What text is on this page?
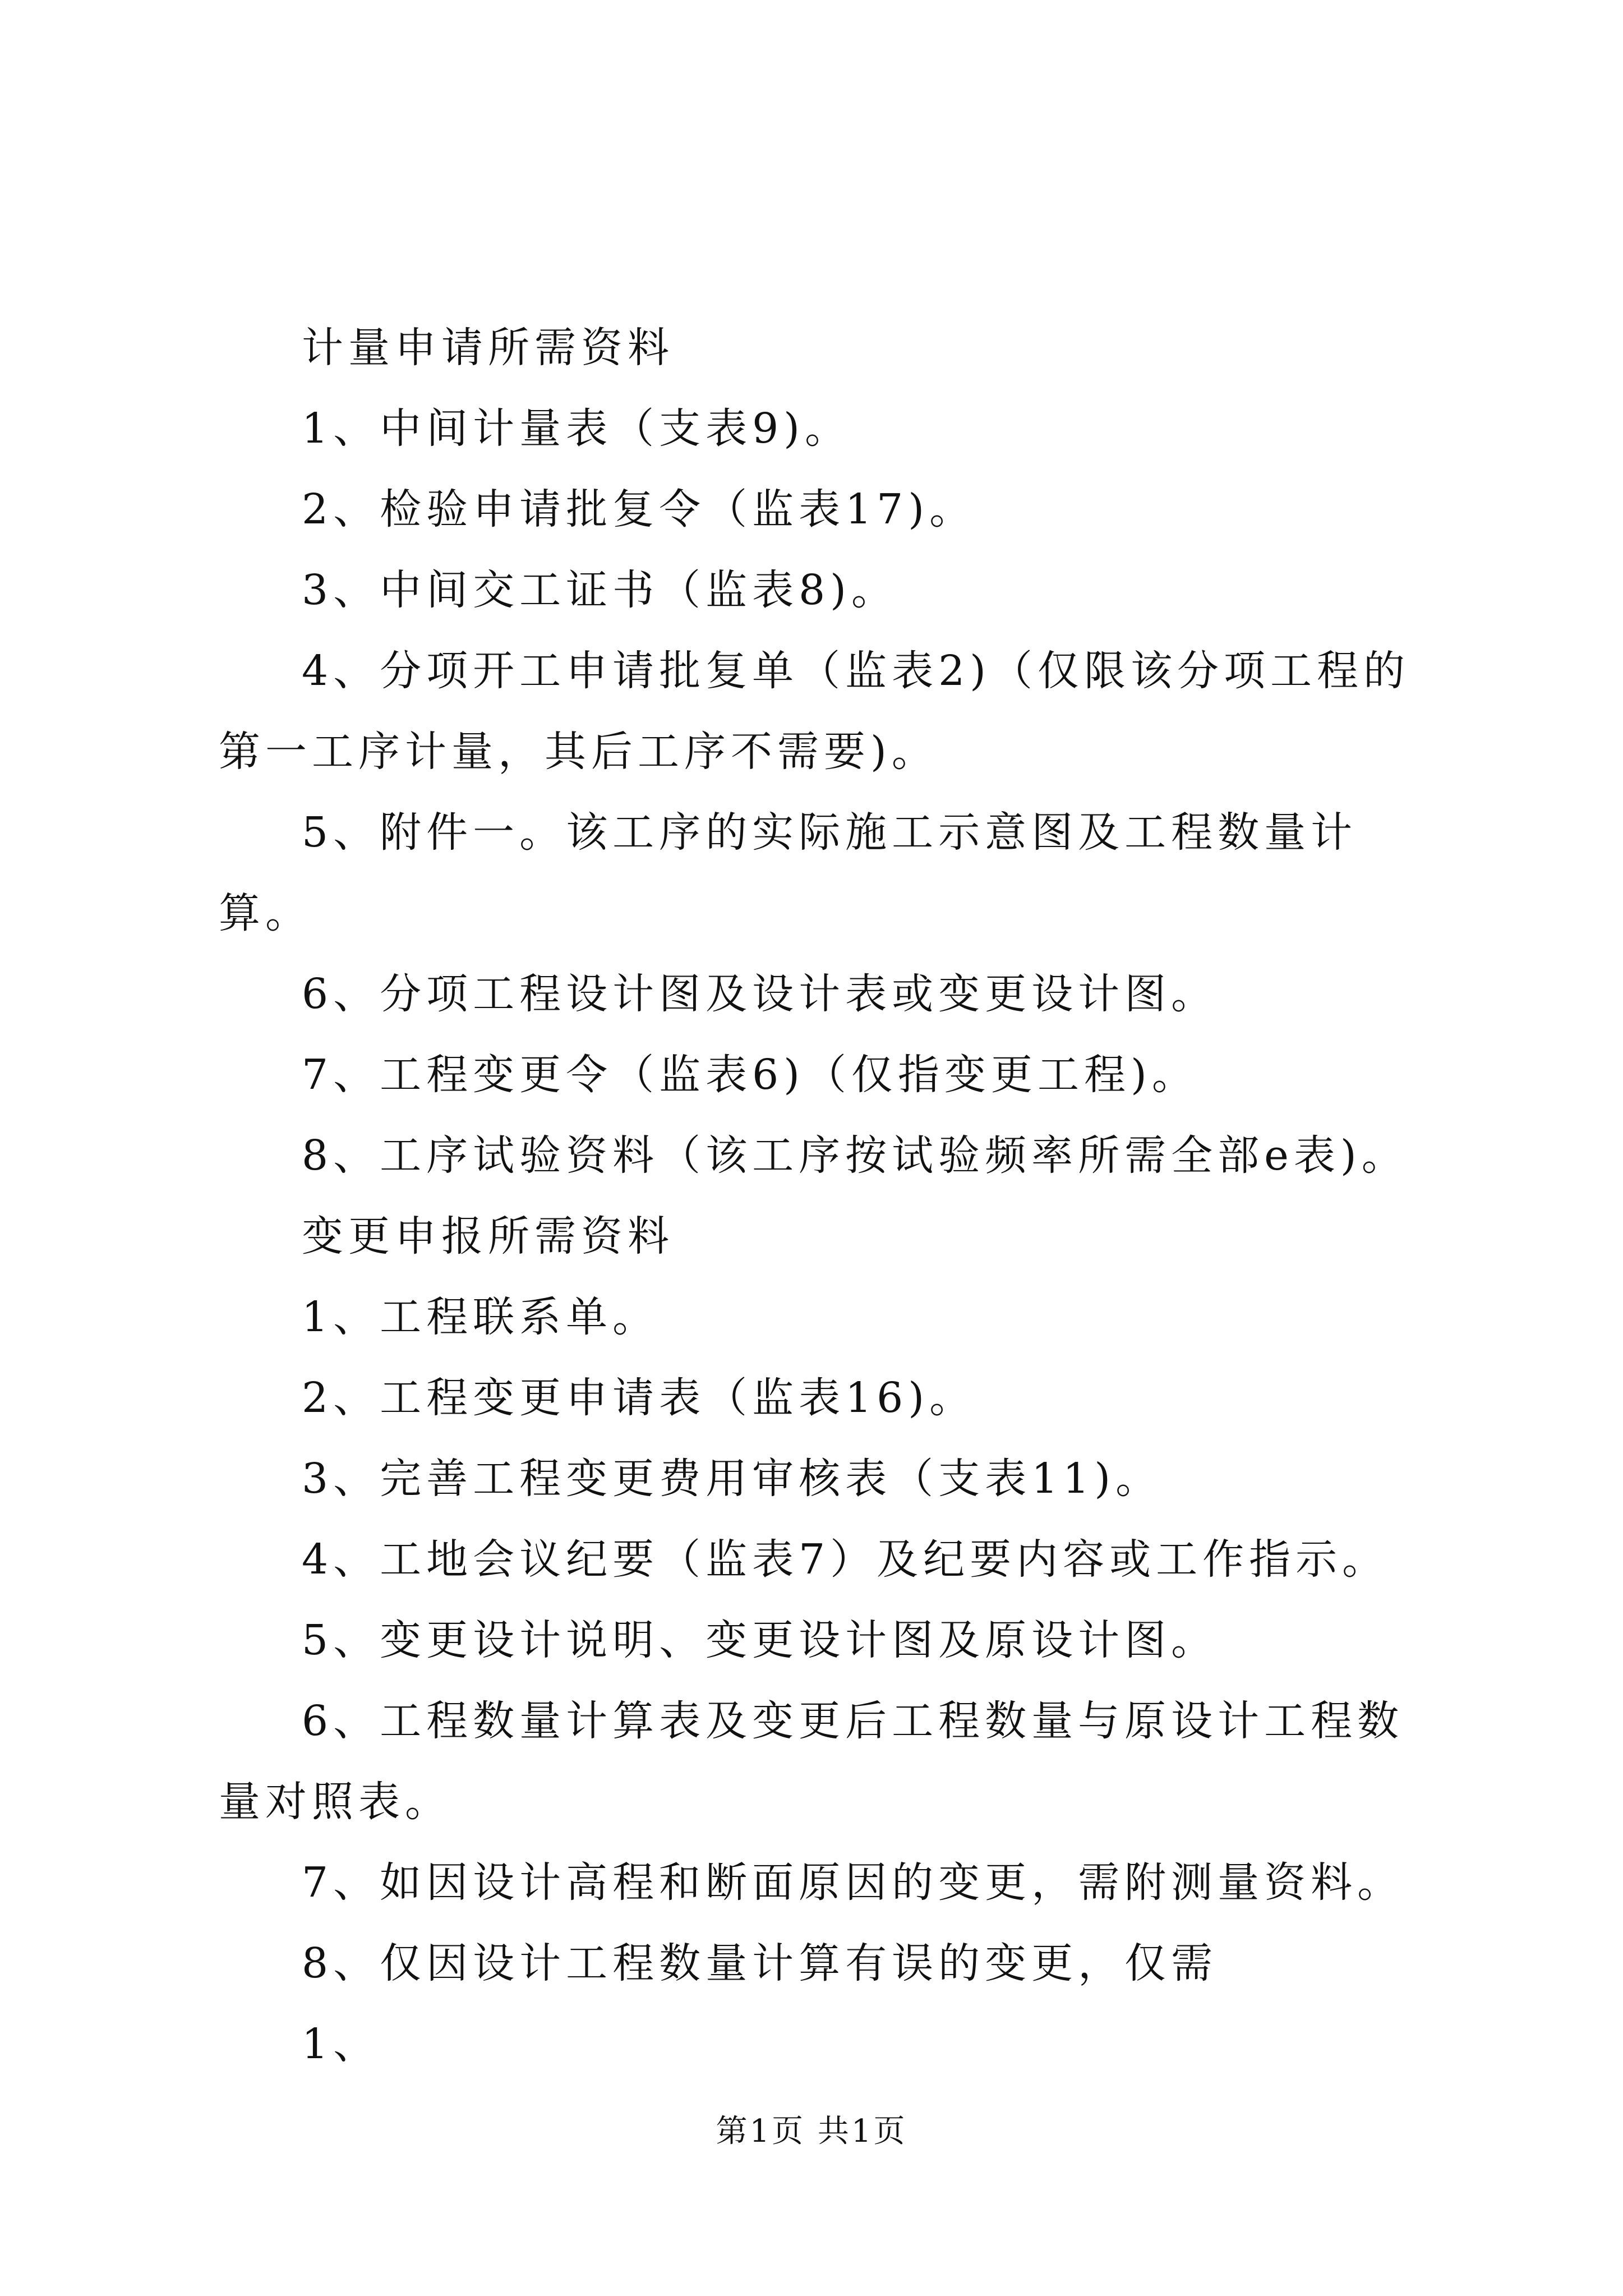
计量申请所需资料

1、中间计量表（支表9)。

2、检验申请批复令（监表17)。

3、中间交工证书（监表8)。

4、分项开工申请批复单（监表2)（仅限该分项工程的第一工序计量，其后工序不需要)。

5、附件一。该工序的实际施工示意图及工程数量计算。

6、分项工程设计图及设计表或变更设计图。

7、工程变更令（监表6)（仅指变更工程)。

8、工序试验资料（该工序按试验频率所需全部e表)。

变更申报所需资料

1、工程联系单。

2、工程变更申请表（监表16)。

3、完善工程变更费用审核表（支表11)。

4、工地会议纪要（监表7）及纪要内容或工作指示。

5、变更设计说明、变更设计图及原设计图。

6、工程数量计算表及变更后工程数量与原设计工程数量对照表。

7、如因设计高程和断面原因的变更，需附测量资料。

8、仅因设计工程数量计算有误的变更，仅需

1、

第1页 共1页
